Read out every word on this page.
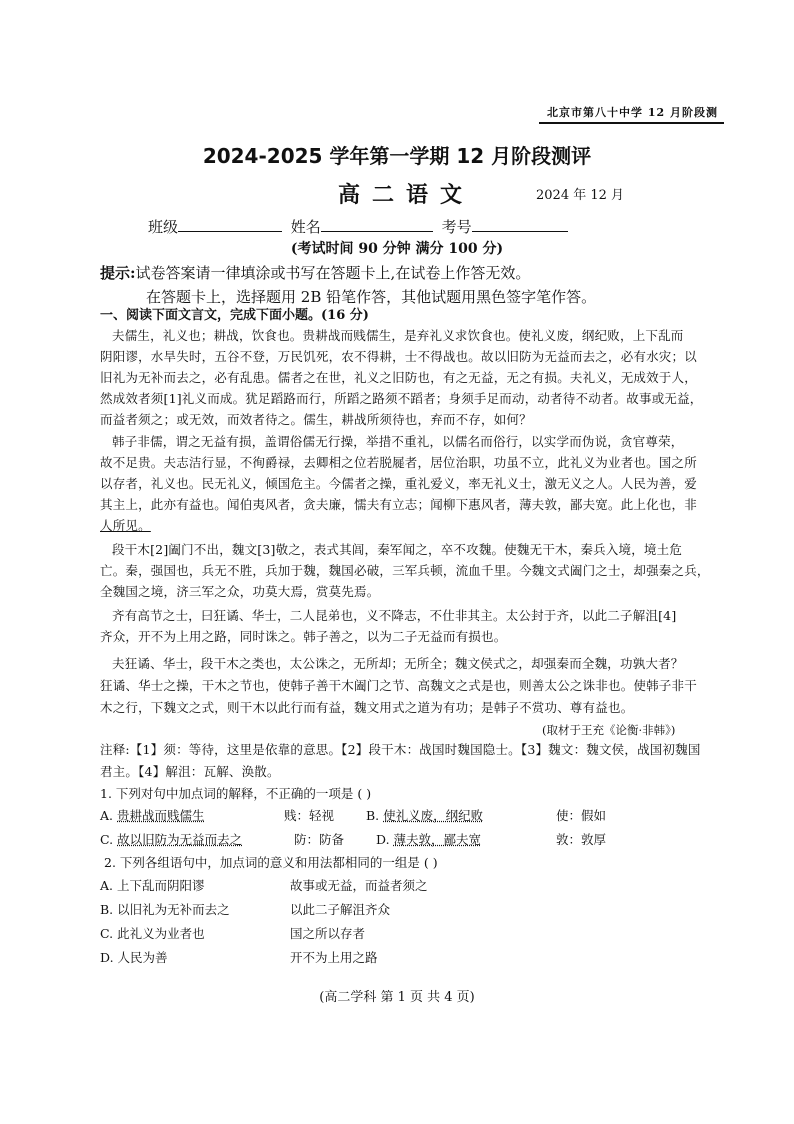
北京市第八十中学 12 月阶段测
2024-2025 学年第一学期 12 月阶段测评
高二语文	2024 年 12 月
班级	姓名	考号
(考试时间 90 分钟 满分 100 分)
提示:试卷答案请一律填涂或书写在答题卡上,在试卷上作答无效。
在答题卡上，选择题用 2B 铅笔作答，其他试题用黑色签字笔作答。
一、阅读下面文言文，完成下面小题。(16 分)
夫儒生，礼义也；耕战，饮食也。贵耕战而贱儒生，是弃礼义求饮食也。使礼义废，纲纪败，上下乱而
阴阳谬，水旱失时，五谷不登，万民饥死，农不得耕，士不得战也。故以旧防为无益而去之，必有水灾；以
旧礼为无补而去之，必有乱患。儒者之在世，礼义之旧防也，有之无益，无之有损。夫礼义，无成效于人，
然成效者须[1]礼义而成。犹足蹈路而行，所蹈之路须不蹈者；身须手足而动，动者待不动者。故事或无益，
而益者须之；或无效，而效者待之。儒生，耕战所须待也，弃而不存，如何？
韩子非儒，谓之无益有损，盖谓俗儒无行操，举措不重礼，以儒名而俗行，以实学而伪说，贪官尊荣，
故不足贵。夫志洁行显，不徇爵禄，去卿相之位若脱屣者，居位治职，功虽不立，此礼义为业者也。国之所
以存者，礼义也。民无礼义，倾国危主。今儒者之操，重礼爱义，率无礼义士，激无义之人。人民为善，爱
其主上，此亦有益也。闻伯夷风者，贪夫廉，懦夫有立志；闻柳下惠风者，薄夫敦，鄙夫宽。此上化也，非
人所见。
段干木[2]阖门不出，魏文[3]敬之，表式其闾，秦军闻之，卒不攻魏。使魏无干木，秦兵入境，境土危
亡。秦，强国也，兵无不胜，兵加于魏，魏国必破，三军兵顿，流血千里。今魏文式阖门之士，却强秦之兵，
全魏国之境，济三军之众，功莫大焉，赏莫先焉。
齐有高节之士，曰狂谲、华士，二人昆弟也，义不降志，不仕非其主。太公封于齐，以此二子解沮[4]
齐众，开不为上用之路，同时诛之。韩子善之，以为二子无益而有损也。
夫狂谲、华士，段干木之类也，太公诛之，无所却；无所全；魏文侯式之，却强秦而全魏，功孰大者？
狂谲、华士之操，干木之节也，使韩子善干木阖门之节、高魏文之式是也，则善太公之诛非也。使韩子非干
木之行，下魏文之式，则干木以此行而有益，魏文用式之道为有功；是韩子不赏功、尊有益也。
(取材于王充《论衡·非韩》)
注释:【1】须：等待，这里是依靠的意思。【2】段干木：战国时魏国隐士。【3】魏文：魏文侯，战国初魏国
君主。【4】解沮：瓦解、涣散。
1. 下列对句中加点词的解释，不正确的一项是 ( )
A. 贵耕战而贱儒生	贱：轻视	B. 使礼义废，纲纪败	使：假如
C. 故以旧防为无益而去之	防：防备	D. 薄夫敦，鄙夫宽	敦：敦厚
2. 下列各组语句中，加点词的意义和用法都相同的一组是 ( )
A. 上下乱而阴阳谬	故事或无益，而益者须之
B. 以旧礼为无补而去之	以此二子解沮齐众
C. 此礼义为业者也	国之所以存者
D. 人民为善	开不为上用之路
(高二学科 第 1 页 共 4 页)
